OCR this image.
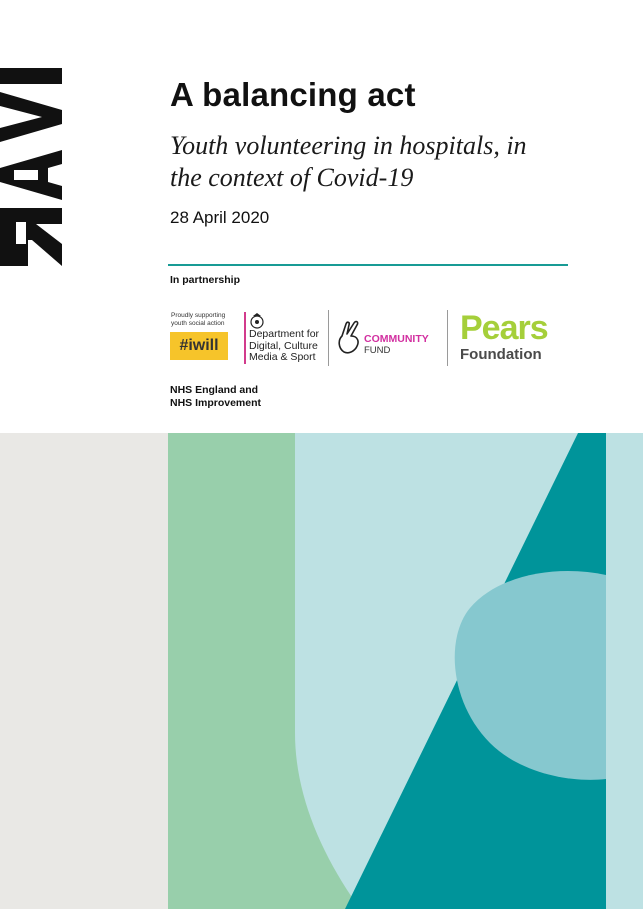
A balancing act
Youth volunteering in hospitals, in
the context of Covid-19
28 April 2020
In partnership
Proudly supporting
youth social action
#iwill
Department for
Digital, Culture
Media & Sport
COMMUNITY
FUND
Pears
Foundation
NHS England and
NHS Improvement
